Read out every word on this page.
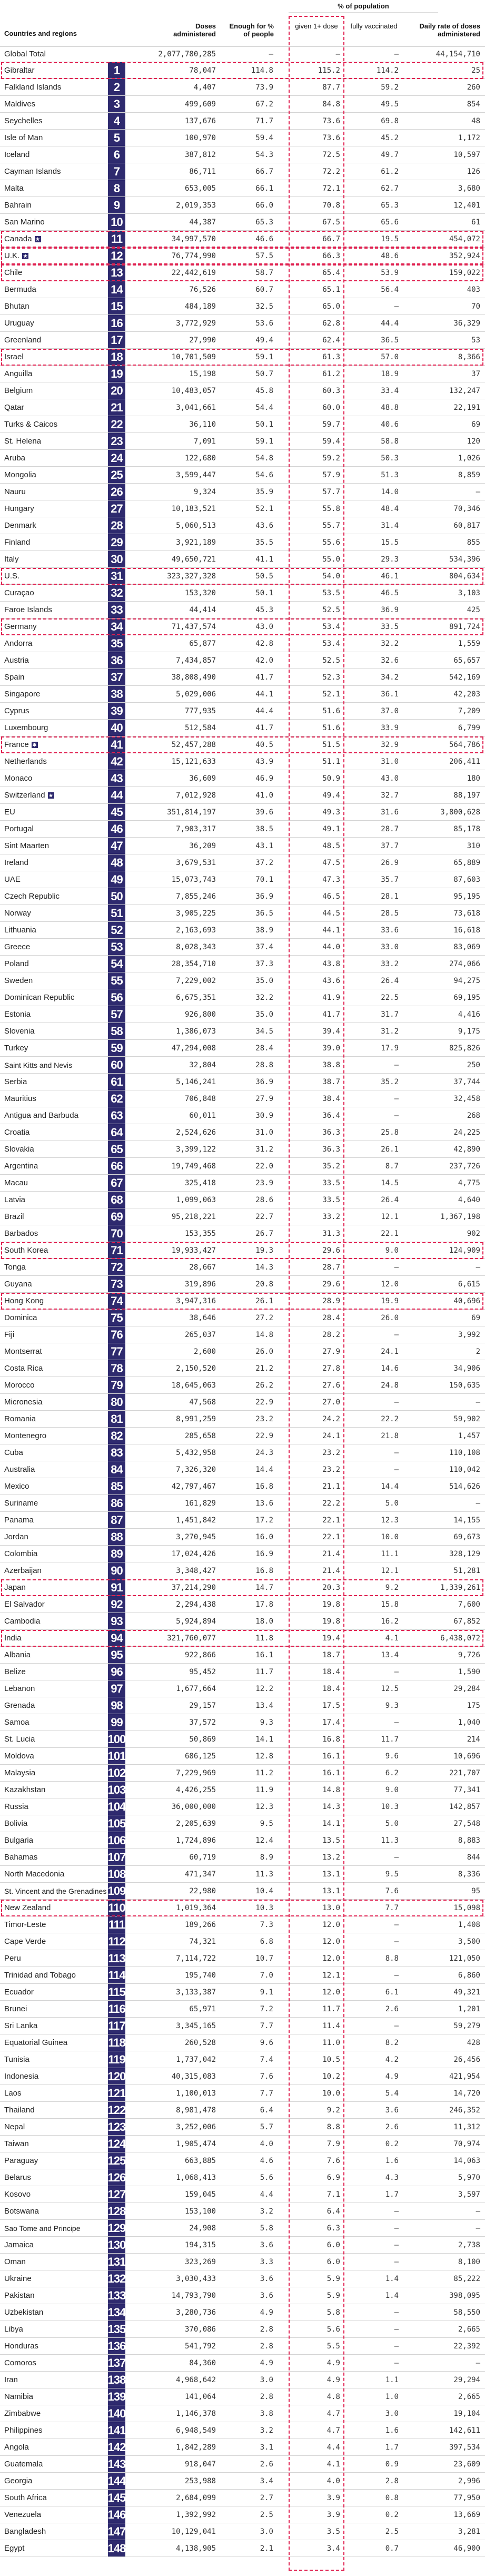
Countries and regions
Doses administered
Enough for % of people
% of population
given 1+ dose	fully vaccinated	Daily rate of doses administered
Global Total	2,077,780,285	–	–	–	44,154,710
Gibraltar	1	78,047	114.8	115.2	114.2	25
Falkland Islands	2	4,407	73.9	87.7	59.2	260
Maldives	3	499,609	67.2	84.8	49.5	854
Seychelles	4	137,676	71.7	73.6	69.8	48
Isle of Man	5	100,970	59.4	73.6	45.2	1,172
Iceland	6	387,812	54.3	72.5	49.7	10,597
Cayman Islands	7	86,711	66.7	72.2	61.2	126
Malta	8	653,005	66.1	72.1	62.7	3,680
Bahrain	9	2,019,353	66.0	70.8	65.3	12,401
San Marino	10	44,387	65.3	67.5	65.6	61
Canada ★	11	34,997,570	46.6	66.7	19.5	454,072
U.K. ★	12	76,774,990	57.5	66.3	48.6	352,924
Chile	13	22,442,619	58.7	65.4	53.9	159,022
Bermuda	14	76,526	60.7	65.1	56.4	403
Bhutan	15	484,189	32.5	65.0	–	70
Uruguay	16	3,772,929	53.6	62.8	44.4	36,329
Greenland	17	27,990	49.4	62.4	36.5	53
Israel	18	10,701,509	59.1	61.3	57.0	8,366
Anguilla	19	15,198	50.7	61.2	18.9	37
Belgium	20	10,483,057	45.8	60.3	33.4	132,247
Qatar	21	3,041,661	54.4	60.0	48.8	22,191
Turks & Caicos	22	36,110	50.1	59.7	40.6	69
St. Helena	23	7,091	59.1	59.4	58.8	120
Aruba	24	122,680	54.8	59.2	50.3	1,026
Mongolia	25	3,599,447	54.6	57.9	51.3	8,859
Nauru	26	9,324	35.9	57.7	14.0	–
Hungary	27	10,183,521	52.1	55.8	48.4	70,346
Denmark	28	5,060,513	43.6	55.7	31.4	60,817
Finland	29	3,921,189	35.5	55.6	15.5	855
Italy	30	49,650,721	41.1	55.0	29.3	534,396
U.S.	31	323,327,328	50.5	54.0	46.1	804,634
Curaçao	32	153,320	50.1	53.5	46.5	3,103
Faroe Islands	33	44,414	45.3	52.5	36.9	425
Germany	34	71,437,574	43.0	53.4	33.5	891,724
Andorra	35	65,877	42.8	53.4	32.2	1,559
Austria	36	7,434,857	42.0	52.5	32.6	65,657
Spain	37	38,808,490	41.7	52.3	34.2	542,169
Singapore	38	5,029,006	44.1	52.1	36.1	42,203
Cyprus	39	777,935	44.4	51.6	37.0	7,209
Luxembourg	40	512,584	41.7	51.6	33.9	6,799
France ✱	41	52,457,288	40.5	51.5	32.9	564,786
Netherlands	42	15,121,633	43.9	51.1	31.0	206,411
Monaco	43	36,609	46.9	50.9	43.0	180
Switzerland ★	44	7,012,928	41.0	49.4	32.7	88,197
EU	45	351,814,197	39.6	49.3	31.6	3,800,628
Portugal	46	7,903,317	38.5	49.1	28.7	85,178
Sint Maarten	47	36,209	43.1	48.5	37.7	310
Ireland	48	3,679,531	37.2	47.5	26.9	65,889
UAE	49	15,073,743	70.1	47.3	35.7	87,603
Czech Republic	50	7,855,246	36.9	46.5	28.1	95,195
Norway	51	3,905,225	36.5	44.5	28.5	73,618
Lithuania	52	2,163,693	38.9	44.1	33.6	16,618
Greece	53	8,028,343	37.4	44.0	33.0	83,069
Poland	54	28,354,710	37.3	43.8	33.2	274,066
Sweden	55	7,229,002	35.0	43.6	26.4	94,275
Dominican Republic	56	6,675,351	32.2	41.9	22.5	69,195
Estonia	57	926,800	35.0	41.7	31.7	4,416
Slovenia	58	1,386,073	34.5	39.4	31.2	9,175
Turkey	59	47,294,008	28.4	39.0	17.9	825,826
Saint Kitts and Nevis	60	32,804	28.8	38.8	–	250
Serbia	61	5,146,241	36.9	38.7	35.2	37,744
Mauritius	62	706,848	27.9	38.4	–	32,458
Antigua and Barbuda	63	60,011	30.9	36.4	–	268
Croatia	64	2,524,626	31.0	36.3	25.8	24,225
Slovakia	65	3,399,122	31.2	36.3	26.1	42,890
Argentina	66	19,749,468	22.0	35.2	8.7	237,726
Macau	67	325,418	23.9	33.5	14.5	4,775
Latvia	68	1,099,063	28.6	33.5	26.4	4,640
Brazil	69	95,218,221	22.7	33.2	12.1	1,367,198
Barbados	70	153,355	26.7	31.3	22.1	902
South Korea	71	19,933,427	19.3	29.6	9.0	124,909
Tonga	72	28,667	14.3	28.7	–	–
Guyana	73	319,896	20.8	29.6	12.0	6,615
Hong Kong	74	3,947,316	26.1	28.9	19.9	40,696
Dominica	75	38,646	27.2	28.4	26.0	69
Fiji	76	265,037	14.8	28.2	–	3,992
Montserrat	77	2,600	26.0	27.9	24.1	2
Costa Rica	78	2,150,520	21.2	27.8	14.6	34,906
Morocco	79	18,645,063	26.2	27.6	24.8	150,635
Micronesia	80	47,568	22.9	27.0	–	–
Romania	81	8,991,259	23.2	24.2	22.2	59,902
Montenegro	82	285,658	22.9	24.1	21.8	1,457
Cuba	83	5,432,958	24.3	23.2	–	110,108
Australia	84	7,326,320	14.4	23.2	–	110,042
Mexico	85	42,797,467	16.8	21.1	14.4	514,626
Suriname	86	161,829	13.6	22.2	5.0	–
Panama	87	1,451,842	17.2	22.1	12.3	14,155
Jordan	88	3,270,945	16.0	22.1	10.0	69,673
Colombia	89	17,024,426	16.9	21.4	11.1	328,129
Azerbaijan	90	3,348,427	16.8	21.4	12.1	51,281
Japan	91	37,214,290	14.7	20.3	9.2	1,339,261
El Salvador	92	2,294,438	17.8	19.8	15.8	7,600
Cambodia	93	5,924,894	18.0	19.8	16.2	67,852
India	94	321,760,077	11.8	19.4	4.1	6,438,072
Albania	95	922,866	16.1	18.7	13.4	9,726
Belize	96	95,452	11.7	18.4	–	1,590
Lebanon	97	1,677,664	12.2	18.4	12.5	29,284
Grenada	98	29,157	13.4	17.5	9.3	175
Samoa	99	37,572	9.3	17.4	–	1,040
St. Lucia	100	50,869	14.1	16.8	11.7	214
Moldova	101	686,125	12.8	16.1	9.6	10,696
Malaysia	102	7,229,969	11.2	16.1	6.2	221,707
Kazakhstan	103	4,426,255	11.9	14.8	9.0	77,341
Russia	104	36,000,000	12.3	14.3	10.3	142,857
Bolivia	105	2,205,639	9.5	14.1	5.0	27,548
Bulgaria	106	1,724,896	12.4	13.5	11.3	8,883
Bahamas	107	60,719	8.9	13.2	–	844
North Macedonia	108	471,347	11.3	13.1	9.5	8,336
St. Vincent and the Grenadines 109	22,980	10.4	13.1	7.6	95
New Zealand	110	1,019,364	10.3	13.0	7.7	15,098
Timor-Leste	111	189,266	7.3	12.0	–	1,408
Cape Verde	112	74,321	6.8	12.0	–	3,500
Peru	113	7,114,722	10.7	12.0	8.8	121,050
Trinidad and Tobago	114	195,740	7.0	12.1	–	6,860
Ecuador	115	3,133,387	9.1	12.0	6.1	49,321
Brunei	116	65,971	7.2	11.7	2.6	1,201
Sri Lanka	117	3,345,165	7.7	11.4	–	59,279
Equatorial Guinea	118	260,528	9.6	11.0	8.2	428
Tunisia	119	1,737,042	7.4	10.5	4.2	26,456
Indonesia	120	40,315,083	7.6	10.2	4.9	421,954
Laos	121	1,100,013	7.7	10.0	5.4	14,720
Thailand	122	8,981,478	6.4	9.2	3.6	246,352
Nepal	123	3,252,006	5.7	8.8	2.6	11,312
Taiwan	124	1,905,474	4.0	7.9	0.2	70,974
Paraguay	125	663,885	4.6	7.6	1.6	14,063
Belarus	126	1,068,413	5.6	6.9	4.3	5,970
Kosovo	127	159,045	4.4	7.1	1.7	3,597
Botswana	128	153,100	3.2	6.4	–	–
Sao Tome and Principe 129	24,908	5.8	6.3	–	–
Jamaica	130	194,315	3.6	6.0	–	2,738
Oman	131	323,269	3.3	6.0	–	8,100
Ukraine	132	3,030,433	3.6	5.9	1.4	85,222
Pakistan	133	14,793,790	3.6	5.9	1.4	398,095
Uzbekistan	134	3,280,736	4.9	5.8	–	58,550
Libya	135	370,086	2.8	5.6	–	2,665
Honduras	136	541,792	2.8	5.5	–	22,392
Comoros	137	84,360	4.9	4.9	–	–
Iran	138	4,968,642	3.0	4.9	1.1	29,294
Namibia	139	141,064	2.8	4.8	1.0	2,665
Zimbabwe	140	1,146,378	3.8	4.7	3.0	19,104
Philippines	141	6,948,549	3.2	4.7	1.6	142,611
Angola	142	1,842,289	3.1	4.4	1.7	397,534
Guatemala	143	918,047	2.6	4.1	0.9	23,609
Georgia	144	253,988	3.4	4.0	2.8	2,996
South Africa	145	2,684,099	2.7	3.9	0.8	77,950
Venezuela	146	1,392,992	2.5	3.9	0.2	13,669
Bangladesh	147	10,129,041	3.0	3.5	2.5	3,281
Egypt	148	4,138,905	2.1	3.4	0.7	46,900
